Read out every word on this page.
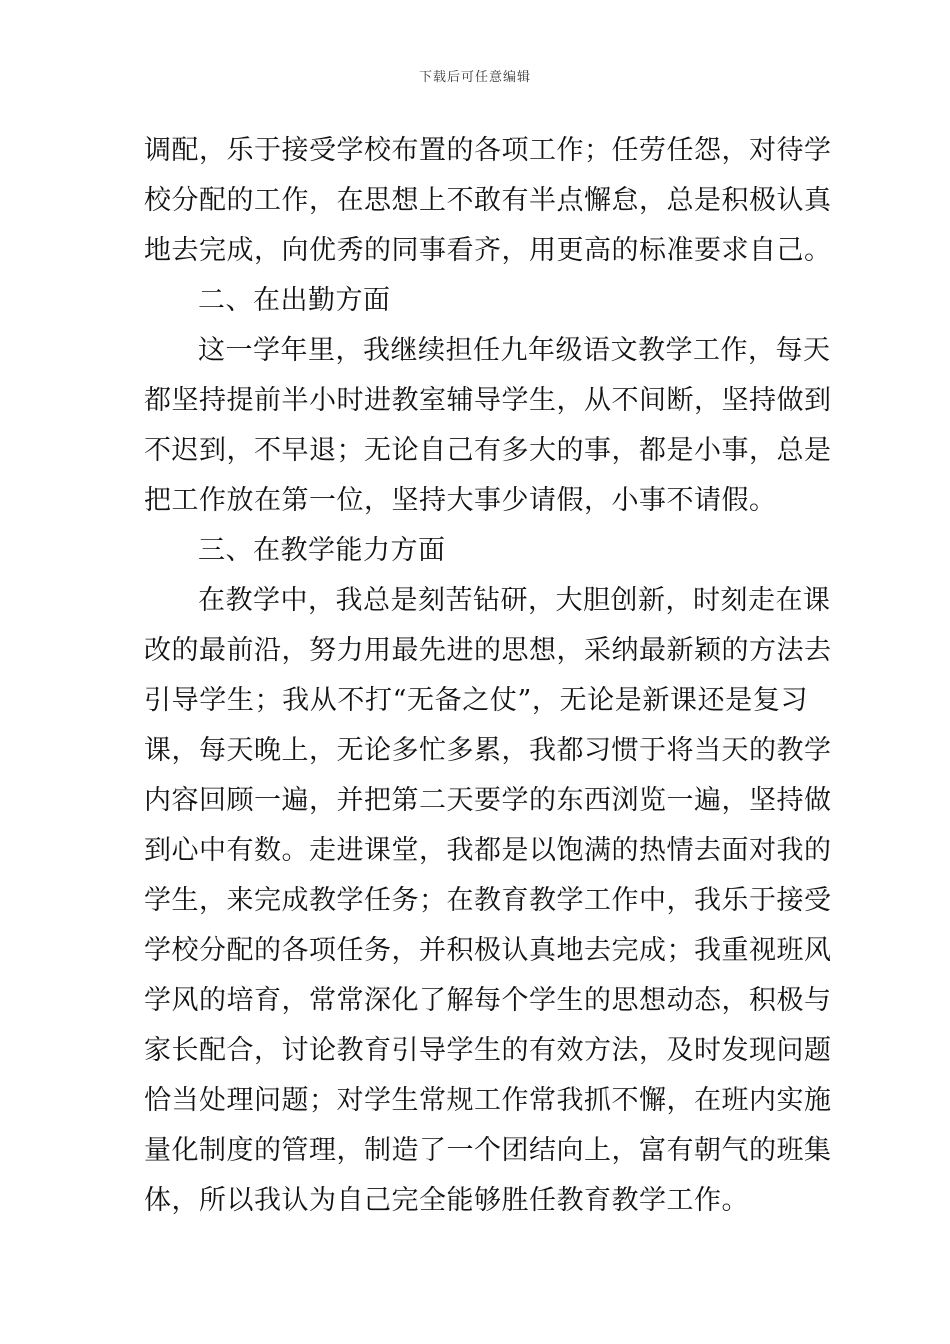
下载后可任意编辑
调配，乐于接受学校布置的各项工作；任劳任怨，对待学
校分配的工作，在思想上不敢有半点懈怠，总是积极认真
地去完成，向优秀的同事看齐，用更高的标准要求自己。
二、在出勤方面
这一学年里，我继续担任九年级语文教学工作，每天
都坚持提前半小时进教室辅导学生，从不间断，坚持做到
不迟到，不早退；无论自己有多大的事，都是小事，总是
把工作放在第一位，坚持大事少请假，小事不请假。
三、在教学能力方面
在教学中，我总是刻苦钻研，大胆创新，时刻走在课
改的最前沿，努力用最先进的思想，采纳最新颖的方法去
引导学生；我从不打“无备之仗”，无论是新课还是复习
课，每天晚上，无论多忙多累，我都习惯于将当天的教学
内容回顾一遍，并把第二天要学的东西浏览一遍，坚持做
到心中有数。走进课堂，我都是以饱满的热情去面对我的
学生，来完成教学任务；在教育教学工作中，我乐于接受
学校分配的各项任务，并积极认真地去完成；我重视班风
学风的培育，常常深化了解每个学生的思想动态，积极与
家长配合，讨论教育引导学生的有效方法，及时发现问题
恰当处理问题；对学生常规工作常我抓不懈，在班内实施
量化制度的管理，制造了一个团结向上，富有朝气的班集
体，所以我认为自己完全能够胜任教育教学工作。
